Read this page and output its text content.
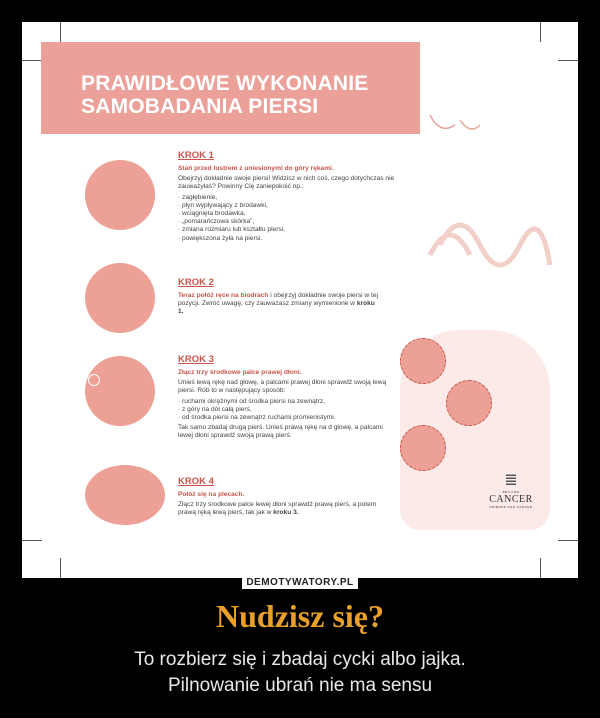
PRAWIDŁOWE WYKONANIE
SAMOBADANIA PIERSI
KROK 1

Stań przed lustrem z uniesionymi do góry rękami.

Obejrzyj dokładnie swoje piersi! Widzisz w nich coś, czego dotychczas nie zauważyłaś? Powinny Cię zaniepokoić np.:

· zagłębienie,
· płyn wypływający z brodawki,
· wciągnięta brodawka,
· „pomarańczowa skórka”,
· zmiana rozmiaru lub kształtu piersi,
· powiększona żyła na piersi.
KROK 2

Teraz połóż ręce na biodrach i obejrzyj dokładnie swoje piersi w tej pozycji. Zwróć uwagę, czy zauważasz zmiany wymienione w kroku 1.

KROK 3

Złącz trzy środkowe palce prawej dłoni.

Unieś lewą rękę nad głowę, a palcami prawej dłoni sprawdź swoją lewą piersi. Rób to w następujący sposób:

· ruchami okrężnymi od środka piersi na zewnątrz,
· z góry na dół całą pierś,
· od środka piersi na zewnątrz ruchami promienistymi.

Tak samo zbadaj drugą pierś. Unieś prawą rękę na d głowę, a palcami lewej dłoni sprawdź swoją prawą pierś.

KROK 4

Połóż się na plecach.

Złącz trzy środkowe palce lewej dłoni sprawdź prawą pierś, a potem prawą ręką lewą pierś, tak jak w kroku 3.

≣
BRA FOR
CANCER
FRIENDS FOR CANCER
DEMOTYWATORY.PL
Nudzisz się?
To rozbierz się i zbadaj cycki albo jajka.
Pilnowanie ubrań nie ma sensu
